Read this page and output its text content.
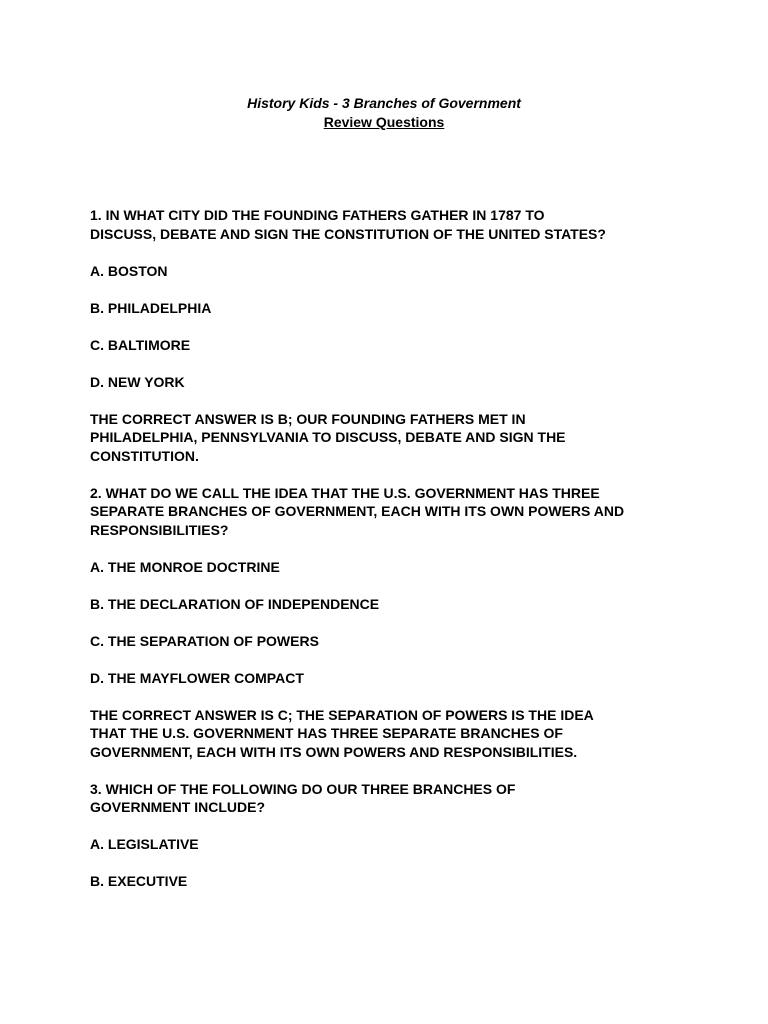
History Kids - 3 Branches of Government
Review Questions
1. IN WHAT CITY DID THE FOUNDING FATHERS GATHER IN 1787 TO
DISCUSS, DEBATE AND SIGN THE CONSTITUTION OF THE UNITED STATES?
A. BOSTON
B. PHILADELPHIA
C. BALTIMORE
D. NEW YORK
THE CORRECT ANSWER IS B; OUR FOUNDING FATHERS MET IN
PHILADELPHIA, PENNSYLVANIA TO DISCUSS, DEBATE AND SIGN THE
CONSTITUTION.
2. WHAT DO WE CALL THE IDEA THAT THE U.S. GOVERNMENT HAS THREE
SEPARATE BRANCHES OF GOVERNMENT, EACH WITH ITS OWN POWERS AND
RESPONSIBILITIES?
A. THE MONROE DOCTRINE
B. THE DECLARATION OF INDEPENDENCE
C. THE SEPARATION OF POWERS
D. THE MAYFLOWER COMPACT
THE CORRECT ANSWER IS C; THE SEPARATION OF POWERS IS THE IDEA
THAT THE U.S. GOVERNMENT HAS THREE SEPARATE BRANCHES OF
GOVERNMENT, EACH WITH ITS OWN POWERS AND RESPONSIBILITIES.
3. WHICH OF THE FOLLOWING DO OUR THREE BRANCHES OF
GOVERNMENT INCLUDE?
A. LEGISLATIVE
B. EXECUTIVE
